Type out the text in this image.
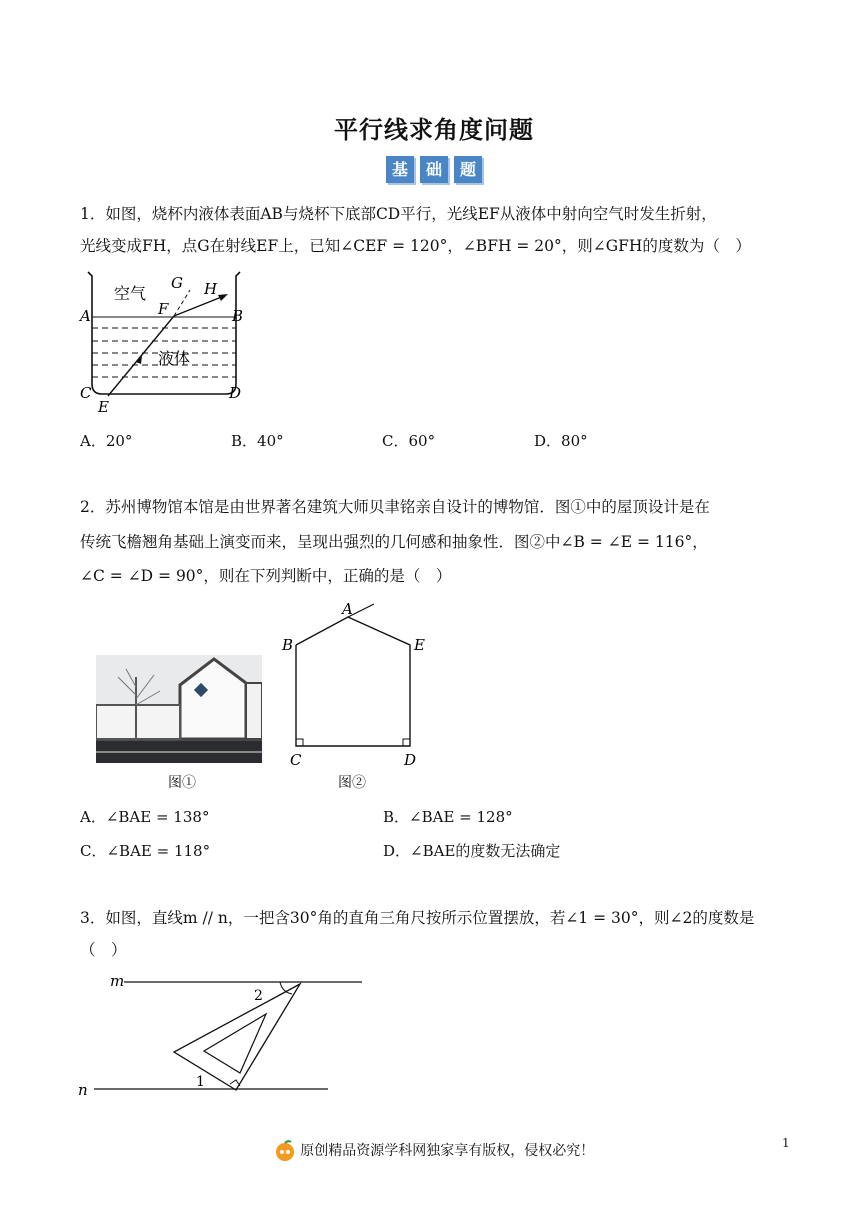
平行线求角度问题
基	础	题
1．如图，烧杯内液体表面AB与烧杯下底部CD平行，光线EF从液体中射向空气时发生折射，
光线变成FH，点G在射线EF上，已知∠CEF = 120°，∠BFH = 20°，则∠GFH的度数为（　）
空气
液体
A	B
C	D
E
F
G H
A．20°	B．40°	C．60°	D．80°
2．苏州博物馆本馆是由世界著名建筑大师贝聿铭亲自设计的博物馆．图①中的屋顶设计是在
传统飞檐翘角基础上演变而来，呈现出强烈的几何感和抽象性．图②中∠B = ∠E = 116°，
∠C = ∠D = 90°，则在下列判断中，正确的是（　）
图①
A
B	E
C	D
图②
A．∠BAE = 138°	B．∠BAE = 128°
C．∠BAE = 118°	D．∠BAE的度数无法确定
3．如图，直线m // n，一把含30°角的直角三角尺按所示位置摆放，若∠1 = 30°，则∠2的度数是
（　）
m
n
2
1
原创精品资源学科网独家享有版权，侵权必究！	1
